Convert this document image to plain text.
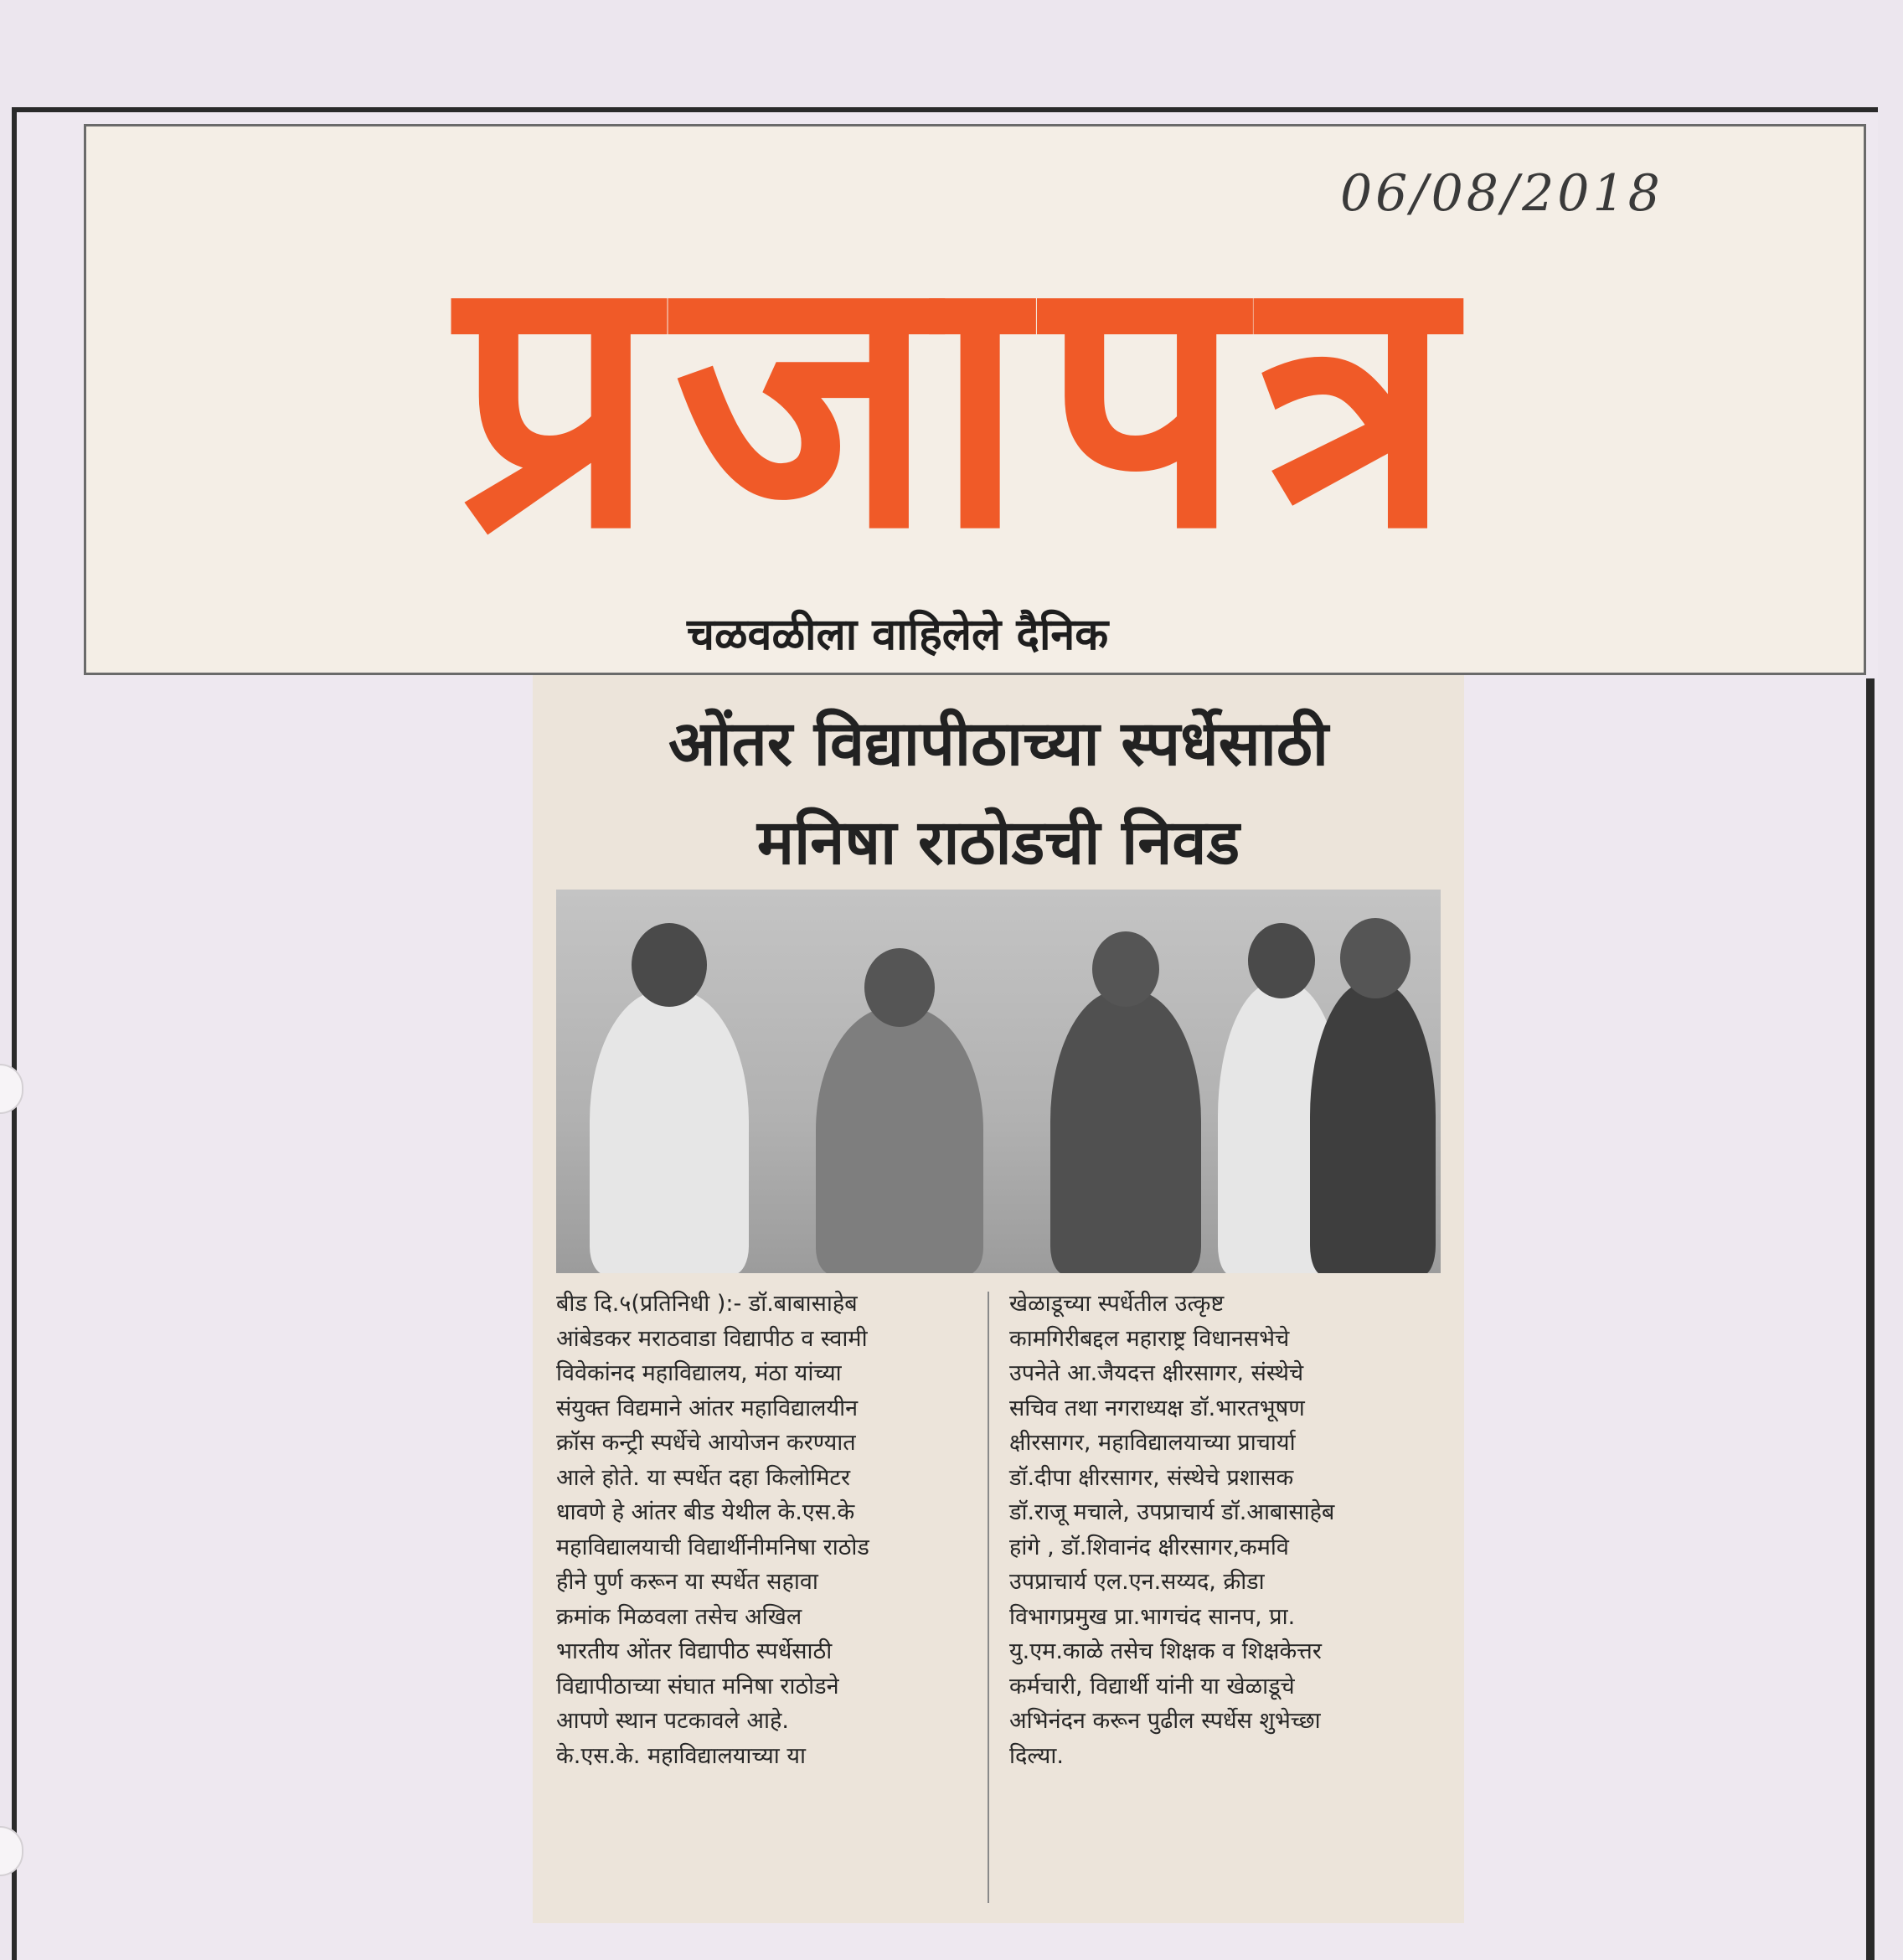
06/08/2018
प्रजापत्र
चळवळीला वाहिलेले दैनिक
ओंतर विद्यापीठाच्या स्पर्धेसाठी
मनिषा राठोडची निवड
बीड दि.५(प्रतिनिधी ):- डॉ.बाबासाहेब
आंबेडकर मराठवाडा विद्यापीठ व स्वामी
विवेकांनद महाविद्यालय, मंठा यांच्या
संयुक्त विद्यमाने आंतर महाविद्यालयीन
क्रॉस कन्ट्री स्पर्धेचे आयोजन करण्यात
आले होते. या स्पर्धेत दहा किलोमिटर
धावणे हे आंतर बीड येथील के.एस.के
महाविद्यालयाची विद्यार्थीनीमनिषा राठोड
हीने पुर्ण करून या स्पर्धेत सहावा
क्रमांक मिळवला तसेच अखिल
भारतीय ओंतर विद्यापीठ स्पर्धेसाठी
विद्यापीठाच्या संघात मनिषा राठोडने
आपणे स्थान पटकावले आहे.
के.एस.के. महाविद्यालयाच्या या
खेळाडूच्या स्पर्धेतील उत्कृष्ट
कामगिरीबद्दल महाराष्ट्र विधानसभेचे
उपनेते आ.जैयदत्त क्षीरसागर, संस्थेचे
सचिव तथा नगराध्यक्ष डॉ.भारतभूषण
क्षीरसागर, महाविद्यालयाच्या प्राचार्या
डॉ.दीपा क्षीरसागर, संस्थेचे प्रशासक
डॉ.राजू मचाले, उपप्राचार्य डॉ.आबासाहेब
हांगे , डॉ.शिवानंद क्षीरसागर,कमवि
उपप्राचार्य एल.एन.सय्यद, क्रीडा
विभागप्रमुख प्रा.भागचंद सानप, प्रा.
यु.एम.काळे तसेच शिक्षक व शिक्षकेत्तर
कर्मचारी, विद्यार्थी यांनी या खेळाडूचे
अभिनंदन करून पुढील स्पर्धेस शुभेच्छा
दिल्या.
